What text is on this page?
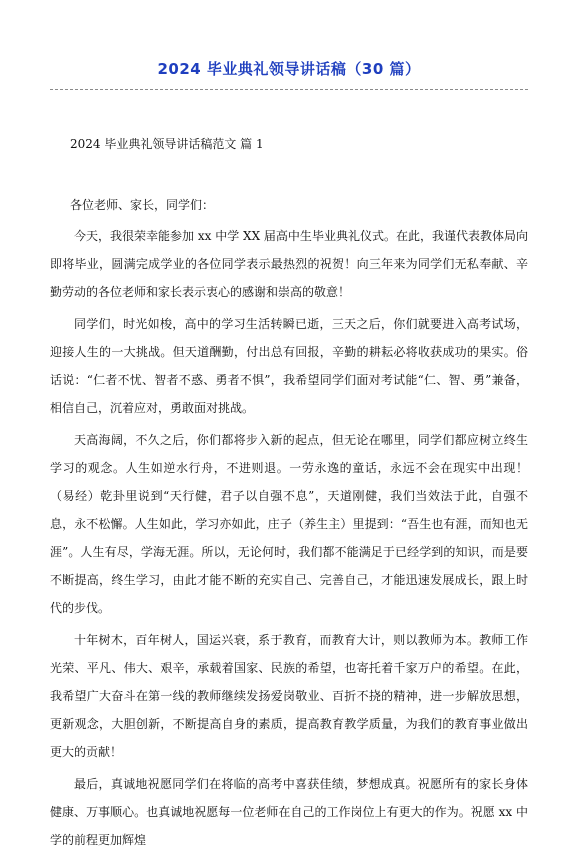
2024 毕业典礼领导讲话稿（30 篇）
2024 毕业典礼领导讲话稿范文 篇 1

各位老师、家长，同学们：

今天，我很荣幸能参加 xx 中学 XX 届高中生毕业典礼仪式。在此，我谨代表教体局向即将毕业，圆满完成学业的各位同学表示最热烈的祝贺！向三年来为同学们无私奉献、辛勤劳动的各位老师和家长表示衷心的感谢和崇高的敬意！

同学们，时光如梭，高中的学习生活转瞬已逝，三天之后，你们就要进入高考试场，迎接人生的一大挑战。但天道酬勤，付出总有回报，辛勤的耕耘必将收获成功的果实。俗话说：“仁者不忧、智者不惑、勇者不惧”，我希望同学们面对考试能“仁、智、勇”兼备，相信自己，沉着应对，勇敢面对挑战。

天高海阔，不久之后，你们都将步入新的起点，但无论在哪里，同学们都应树立终生学习的观念。人生如逆水行舟，不进则退。一劳永逸的童话，永远不会在现实中出现！（易经）乾卦里说到“天行健，君子以自强不息”，天道刚健，我们当效法于此，自强不息，永不松懈。人生如此，学习亦如此，庄子（养生主）里提到：“吾生也有涯，而知也无涯”。人生有尽，学海无涯。所以，无论何时，我们都不能满足于已经学到的知识，而是要不断提高，终生学习，由此才能不断的充实自己、完善自己，才能迅速发展成长，跟上时代的步伐。

十年树木，百年树人，国运兴衰，系于教育，而教育大计，则以教师为本。教师工作光荣、平凡、伟大、艰辛，承载着国家、民族的希望，也寄托着千家万户的希望。在此，我希望广大奋斗在第一线的教师继续发扬爱岗敬业、百折不挠的精神，进一步解放思想，更新观念，大胆创新，不断提高自身的素质，提高教育教学质量，为我们的教育事业做出更大的贡献！

最后，真诚地祝愿同学们在将临的高考中喜获佳绩，梦想成真。祝愿所有的家长身体健康、万事顺心。也真诚地祝愿每一位老师在自己的工作岗位上有更大的作为。祝愿 xx 中学的前程更加辉煌
